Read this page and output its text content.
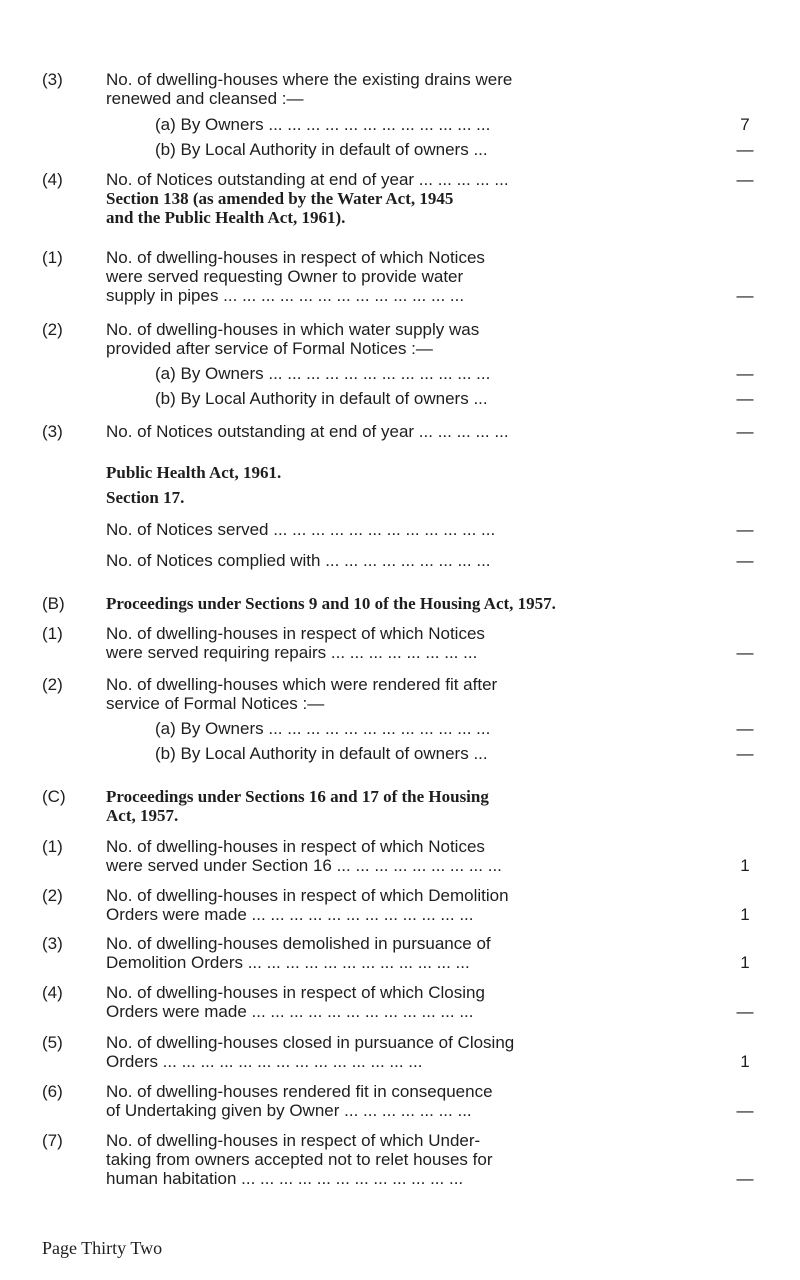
(3)	No. of dwelling-houses where the existing drains were
renewed and cleansed :—
(a) By Owners ... ... ... ... ... ... ... ... ... ... ... ...	7
(b) By Local Authority in default of owners ...	—
(4)	No. of Notices outstanding at end of year ... ... ... ... ...	—
Section 138 (as amended by the Water Act, 1945
and the Public Health Act, 1961).
(1)	No. of dwelling-houses in respect of which Notices
were served requesting Owner to provide water
supply in pipes ... ... ... ... ... ... ... ... ... ... ... ... ...	—
(2)	No. of dwelling-houses in which water supply was
provided after service of Formal Notices :—
(a) By Owners ... ... ... ... ... ... ... ... ... ... ... ...	—
(b) By Local Authority in default of owners ...	—
(3)	No. of Notices outstanding at end of year ... ... ... ... ...	—
Public Health Act, 1961.
Section 17.
No. of Notices served ... ... ... ... ... ... ... ... ... ... ... ...	—
No. of Notices complied with ... ... ... ... ... ... ... ... ...	—
(B) Proceedings under Sections 9 and 10 of the Housing Act, 1957.
(1)	No. of dwelling-houses in respect of which Notices
were served requiring repairs ... ... ... ... ... ... ... ...	—
(2)	No. of dwelling-houses which were rendered fit after
service of Formal Notices :—
(a) By Owners ... ... ... ... ... ... ... ... ... ... ... ...	—
(b) By Local Authority in default of owners ...	—
(C) Proceedings under Sections 16 and 17 of the Housing
Act, 1957.
(1)	No. of dwelling-houses in respect of which Notices
were served under Section 16 ... ... ... ... ... ... ... ... ...	1
(2)	No. of dwelling-houses in respect of which Demolition
Orders were made ... ... ... ... ... ... ... ... ... ... ... ...	1
(3)	No. of dwelling-houses demolished in pursuance of
Demolition Orders ... ... ... ... ... ... ... ... ... ... ... ...	1
(4)	No. of dwelling-houses in respect of which Closing
Orders were made ... ... ... ... ... ... ... ... ... ... ... ...	—
(5)	No. of dwelling-houses closed in pursuance of Closing
Orders ... ... ... ... ... ... ... ... ... ... ... ... ... ...	1
(6)	No. of dwelling-houses rendered fit in consequence
of Undertaking given by Owner ... ... ... ... ... ... ...	—
(7)	No. of dwelling-houses in respect of which Under-
taking from owners accepted not to relet houses for
human habitation ... ... ... ... ... ... ... ... ... ... ... ...	—
Page Thirty Two
